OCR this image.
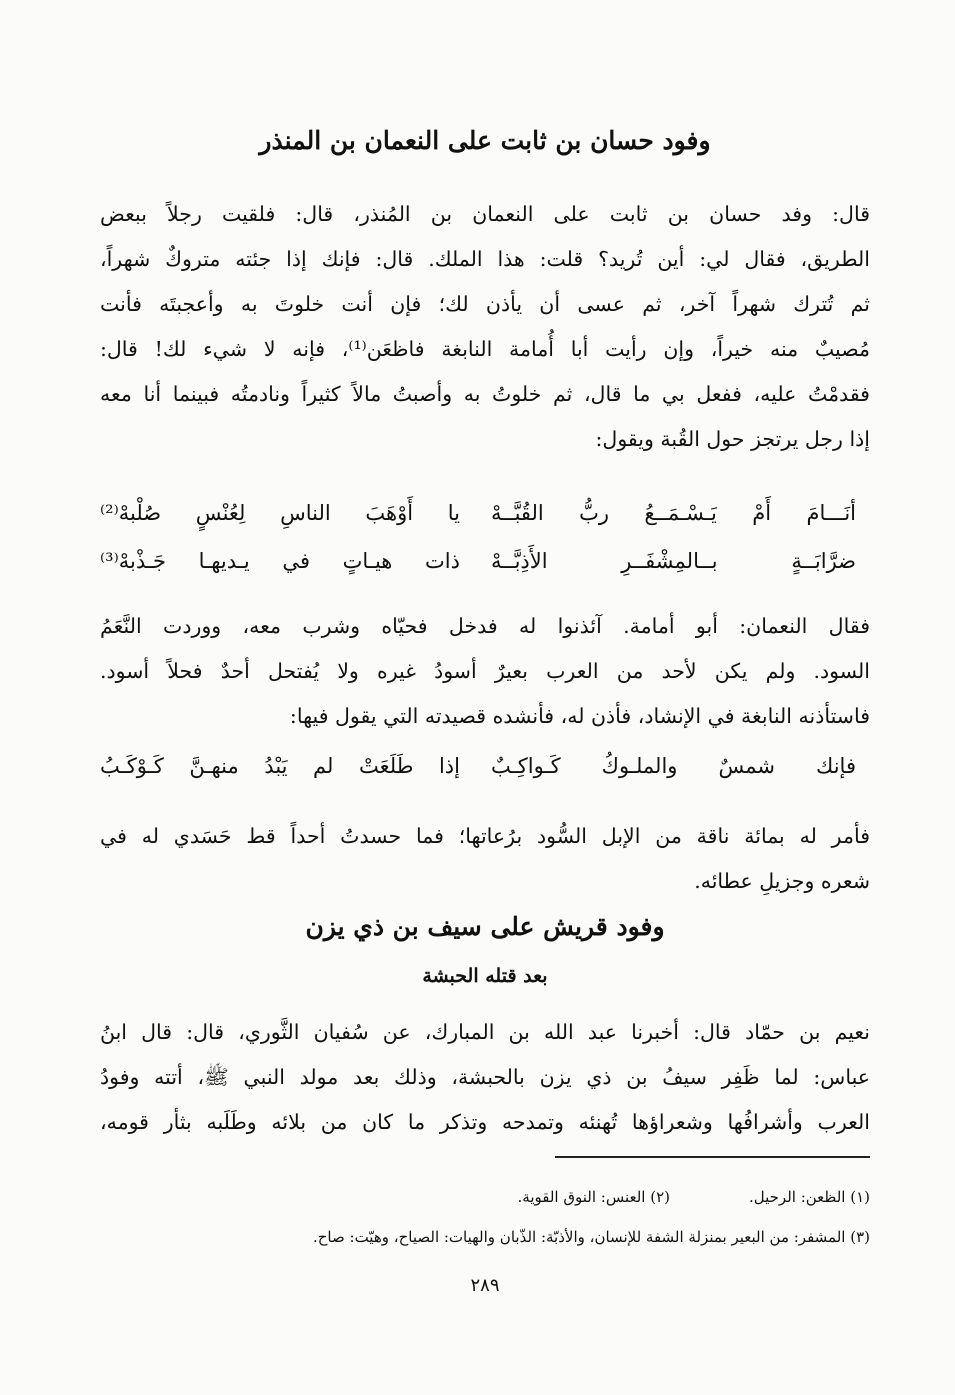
وفود حسان بن ثابت على النعمان بن المنذر
قال: وفد حسان بن ثابت على النعمان بن المُنذر، قال: فلقيت رجلاً ببعض
الطريق، فقال لي: أين تُريد؟ قلت: هذا الملك. قال: فإنك إذا جئته متروكٌ شهراً،
ثم تُترك شهراً آخر، ثم عسى أن يأذن لك؛ فإن أنت خلوتَ به وأعجبتَه فأنت
مُصيبٌ منه خيراً، وإن رأيت أبا أُمامة النابغة فاظعَن⁽¹⁾، فإنه لا شيء لك! قال:
فقدمْتُ عليه، ففعل بي ما قال، ثم خلوتُ به وأصبتُ مالاً كثيراً ونادمتُه فبينما أنا معه
إذا رجل يرتجز حول القُبة ويقول:
أنَـــامَ أَمْ يَـسْـمَــعُ ربُّ القُبَّــهْ
يا أَوْهَبَ الناسِ لِعُنْسٍ صُلْبهْ⁽²⁾
ضرَّابَــةٍ بــالمِشْفَــرِ الأَذِبَّــهْ
ذات هيـاتٍ في يـديهـا جَـذْبهْ⁽³⁾
فقال النعمان: أبو أمامة. آئذنوا له فدخل فحيّاه وشرب معه، ووردت النَّعَمُ
السود. ولم يكن لأحد من العرب بعيرٌ أسودُ غيره ولا يُفتحل أحدٌ فحلاً أسود.
فاستأذنه النابغة في الإنشاد، فأذن له، فأنشده قصيدته التي يقول فيها:
فإنك شمسٌ والملـوكُ كَـواكِـبٌ
إذا طَلَعَتْ لم يَبْدُ منهـنَّ كَـوْكَـبُ
فأمر له بمائة ناقة من الإبل السُّود برُعاتها؛ فما حسدتُ أحداً قط حَسَدي له في
شعره وجزيلِ عطائه.
وفود قريش على سيف بن ذي يزن
بعد قتله الحبشة
نعيم بن حمّاد قال: أخبرنا عبد الله بن المبارك، عن سُفيان الثَّوري، قال: قال ابنُ
عباس: لما ظَفِر سيفُ بن ذي يزن بالحبشة، وذلك بعد مولد النبي ﷺ، أتته وفودُ
العرب وأشرافُها وشعراؤها تُهنئه وتمدحه وتذكر ما كان من بلائه وطَلَبه بثأر قومه،
(١) الظعن: الرحيل.
(٢) العنس: النوق القوية.
(٣) المشفر: من البعير بمنزلة الشفة للإنسان، والأذبّة: الذّبان والهيات: الصياح، وهيّت: صاح.
٢٨٩
